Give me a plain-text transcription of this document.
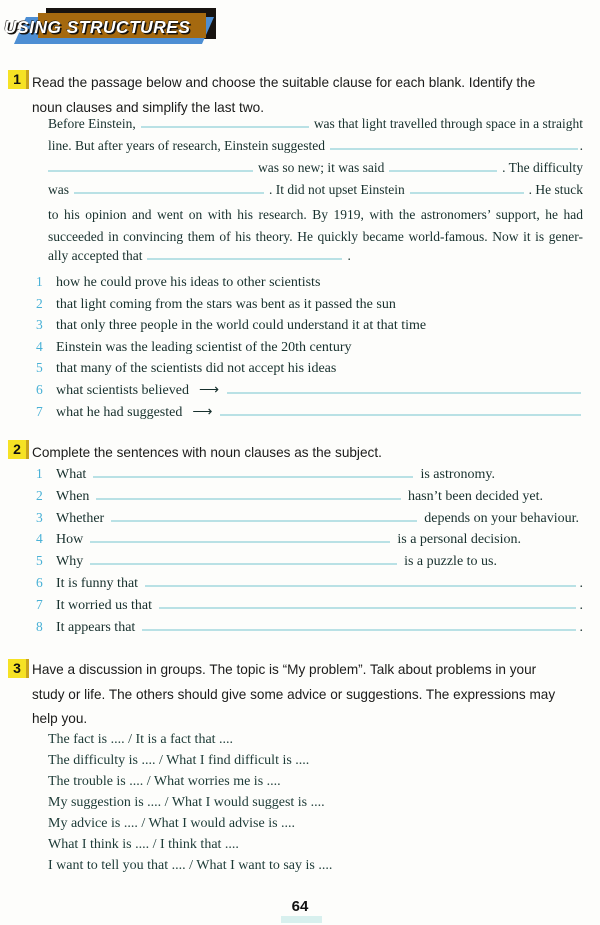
USING STRUCTURES
1 Read the passage below and choose the suitable clause for each blank. Identify the
noun clauses and simplify the last two.
Before Einstein,	was that light travelled through space in a straight
line. But after years of research, Einstein suggested	.
was so new; it was said	. The difficulty
was	. It did not upset Einstein	. He stuck
to his opinion and went on with his research. By 1919, with the astronomers’ support, he had
succeeded in convincing them of his theory. He quickly became world-famous. Now it is gener-
ally accepted that	.
1 how he could prove his ideas to other scientists
2 that light coming from the stars was bent as it passed the sun
3 that only three people in the world could understand it at that time
4 Einstein was the leading scientist of the 20th century
5 that many of the scientists did not accept his ideas
6 what scientists believed ⟶
7 what he had suggested ⟶
2 Complete the sentences with noun clauses as the subject.
1 What	is astronomy.
2 When	hasn’t been decided yet.
3 Whether	depends on your behaviour.
4 How	is a personal decision.
5 Why	is a puzzle to us.
6 It is funny that	.
7 It worried us that	.
8 It appears that	.
3 Have a discussion in groups. The topic is “My problem”. Talk about problems in your
study or life. The others should give some advice or suggestions. The expressions may
help you.
The fact is .... / It is a fact that ....
The difficulty is .... / What I find difficult is ....
The trouble is .... / What worries me is ....
My suggestion is .... / What I would suggest is ....
My advice is .... / What I would advise is ....
What I think is .... / I think that ....
I want to tell you that .... / What I want to say is ....
64
